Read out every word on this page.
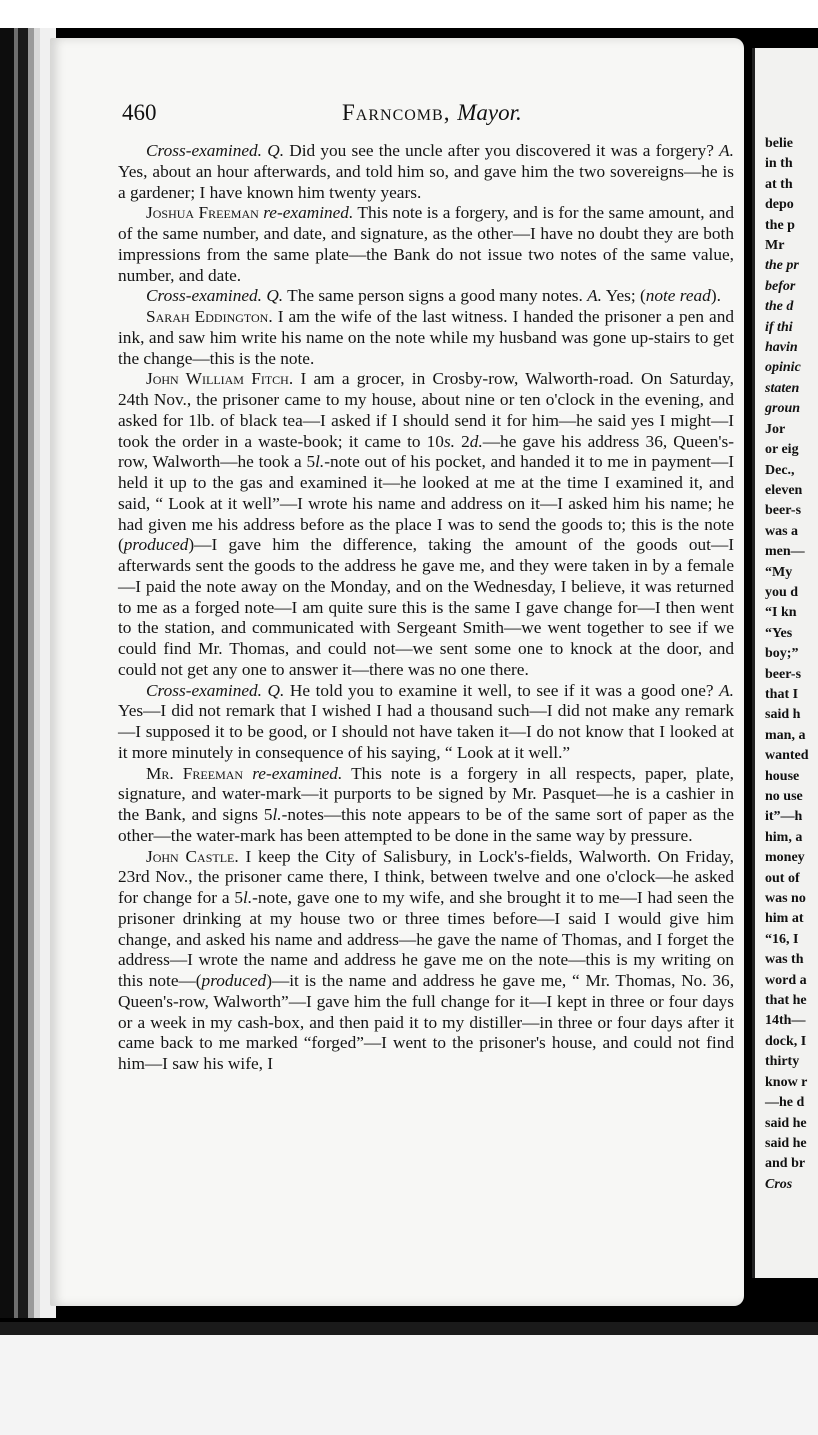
460	Farncomb, Mayor.

Cross-examined. Q. Did you see the uncle after you discovered it was a forgery? A. Yes, about an hour afterwards, and told him so, and gave him the two sovereigns—he is a gardener; I have known him twenty years.

Joshua Freeman re-examined. This note is a forgery, and is for the same amount, and of the same number, and date, and signature, as the other—I have no doubt they are both impressions from the same plate—the Bank do not issue two notes of the same value, number, and date.

Cross-examined. Q. The same person signs a good many notes. A. Yes; (note read).

Sarah Eddington. I am the wife of the last witness. I handed the prisoner a pen and ink, and saw him write his name on the note while my husband was gone up-stairs to get the change—this is the note.

John William Fitch. I am a grocer, in Crosby-row, Walworth-road. On Saturday, 24th Nov., the prisoner came to my house, about nine or ten o'clock in the evening, and asked for 1lb. of black tea—I asked if I should send it for him—he said yes I might—I took the order in a waste-book; it came to 10s. 2d.—he gave his address 36, Queen's-row, Walworth—he took a 5l.-note out of his pocket, and handed it to me in payment—I held it up to the gas and examined it—he looked at me at the time I examined it, and said, “ Look at it well”—I wrote his name and address on it—I asked him his name; he had given me his address before as the place I was to send the goods to; this is the note (produced)—I gave him the difference, taking the amount of the goods out—I afterwards sent the goods to the address he gave me, and they were taken in by a female—I paid the note away on the Monday, and on the Wednesday, I believe, it was returned to me as a forged note—I am quite sure this is the same I gave change for—I then went to the station, and communicated with Sergeant Smith—we went together to see if we could find Mr. Thomas, and could not—we sent some one to knock at the door, and could not get any one to answer it—there was no one there.

Cross-examined. Q. He told you to examine it well, to see if it was a good one? A. Yes—I did not remark that I wished I had a thousand such—I did not make any remark—I supposed it to be good, or I should not have taken it—I do not know that I looked at it more minutely in consequence of his saying, “ Look at it well.”

Mr. Freeman re-examined. This note is a forgery in all respects, paper, plate, signature, and water-mark—it purports to be signed by Mr. Pasquet—he is a cashier in the Bank, and signs 5l.-notes—this note appears to be of the same sort of paper as the other—the water-mark has been attempted to be done in the same way by pressure.

John Castle. I keep the City of Salisbury, in Lock's-fields, Walworth. On Friday, 23rd Nov., the prisoner came there, I think, between twelve and one o'clock—he asked for change for a 5l.-note, gave one to my wife, and she brought it to me—I had seen the prisoner drinking at my house two or three times before—I said I would give him change, and asked his name and address—he gave the name of Thomas, and I forget the address—I wrote the name and address he gave me on the note—this is my writing on this note—(produced)—it is the name and address he gave me, “ Mr. Thomas, No. 36, Queen's-row, Walworth”—I gave him the full change for it—I kept in three or four days or a week in my cash-box, and then paid it to my distiller—in three or four days after it came back to me marked “forged”—I went to the prisoner's house, and could not find him—I saw his wife, I

belie
in th
at th
depo
the p
Mr
the pr
befor
the d
if thi
havin
opinic
staten
groun
Jor
or eig
Dec.,
eleven
beer-s
was a
men—
“My
you d
“I kn
“Yes
boy;”
beer-s
that I
said h
man, a
wanted
house
no use
it”—h
him, a
money
out of
was no
him at
“16, I
was th
word a
that he
14th—
dock, I
thirty
know r
—he d
said he
said he
and br
Cros
